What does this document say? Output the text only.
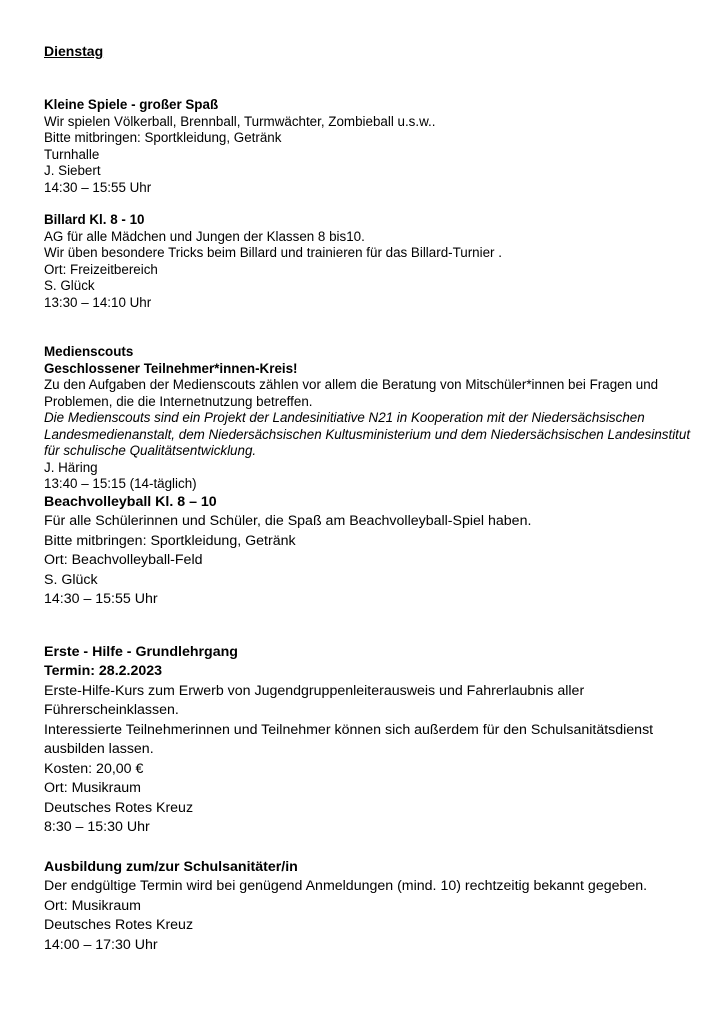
Dienstag
Kleine Spiele - großer Spaß
Wir spielen Völkerball, Brennball, Turmwächter, Zombieball u.s.w..
Bitte mitbringen: Sportkleidung, Getränk
Turnhalle
J. Siebert
14:30 – 15:55 Uhr
Billard Kl. 8 - 10
AG für alle Mädchen und Jungen der Klassen 8 bis10.
Wir üben besondere Tricks beim Billard und trainieren für das Billard-Turnier .
Ort: Freizeitbereich
S. Glück
13:30 – 14:10 Uhr
Medienscouts
Geschlossener Teilnehmer*innen-Kreis!
Zu den Aufgaben der Medienscouts zählen vor allem die Beratung von Mitschüler*innen bei Fragen und Problemen, die die Internetnutzung betreffen.
Die Medienscouts sind ein Projekt der Landesinitiative N21 in Kooperation mit der Niedersächsischen Landesmedienanstalt, dem Niedersächsischen Kultusministerium und dem Niedersächsischen Landesinstitut für schulische Qualitätsentwicklung.
J. Häring
13:40 – 15:15 (14-täglich)
Beachvolleyball Kl. 8 – 10
Für alle Schülerinnen und Schüler, die Spaß am Beachvolleyball-Spiel haben.
Bitte mitbringen: Sportkleidung, Getränk
Ort: Beachvolleyball-Feld
S. Glück
14:30 – 15:55 Uhr
Erste - Hilfe - Grundlehrgang
Termin: 28.2.2023
Erste-Hilfe-Kurs zum Erwerb von Jugendgruppenleiterausweis und Fahrerlaubnis aller Führerscheinklassen.
Interessierte Teilnehmerinnen und Teilnehmer können sich außerdem für den Schulsanitätsdienst ausbilden lassen.
Kosten: 20,00 €
Ort: Musikraum
Deutsches Rotes Kreuz
8:30 – 15:30 Uhr
Ausbildung zum/zur Schulsanitäter/in
Der endgültige Termin wird bei genügend Anmeldungen (mind. 10) rechtzeitig bekannt gegeben.
Ort: Musikraum
Deutsches Rotes Kreuz
14:00 – 17:30 Uhr
